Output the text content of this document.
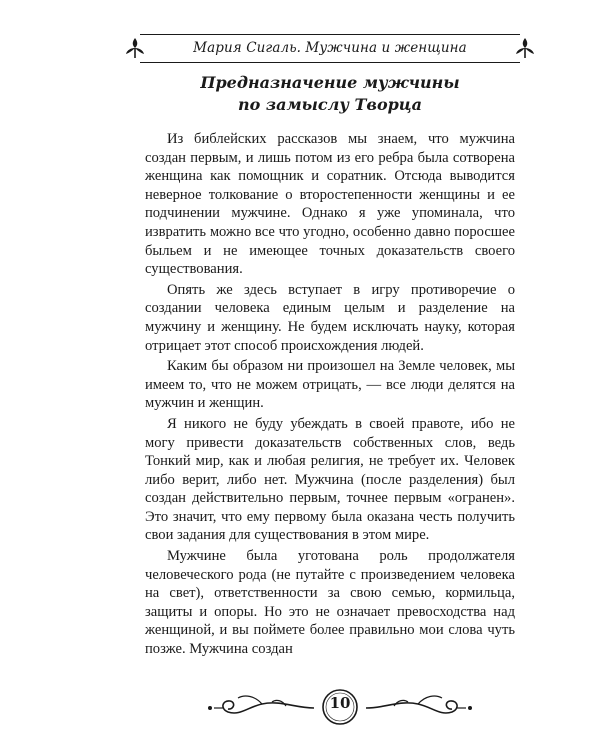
Мария Сигаль. Мужчина и женщина
Предназначение мужчины
по замыслу Творца

Из библейских рассказов мы знаем, что мужчина создан первым, и лишь потом из его ребра была сотворена женщина как помощник и соратник. Отсюда выводится неверное толкование о второстепенности женщины и ее подчинении мужчине. Однако я уже упоминала, что извратить можно все что угодно, особенно давно поросшее быльем и не имеющее точных доказательств своего существования.

Опять же здесь вступает в игру противоречие о создании человека единым целым и разделение на мужчину и женщину. Не будем исключать науку, которая отрицает этот способ происхождения людей.

Каким бы образом ни произошел на Земле человек, мы имеем то, что не можем отрицать, — все люди делятся на мужчин и женщин.

Я никого не буду убеждать в своей правоте, ибо не могу привести доказательств собственных слов, ведь Тонкий мир, как и любая религия, не требует их. Человек либо верит, либо нет. Мужчина (после разделения) был создан действительно первым, точнее первым «огранен». Это значит, что ему первому была оказана честь получить свои задания для существования в этом мире.

Мужчине была уготована роль продолжателя человеческого рода (не путайте с произведением человека на свет), ответственности за свою семью, кормильца, защиты и опоры. Но это не означает превосходства над женщиной, и вы поймете более правильно мои слова чуть позже. Мужчина создан

10
